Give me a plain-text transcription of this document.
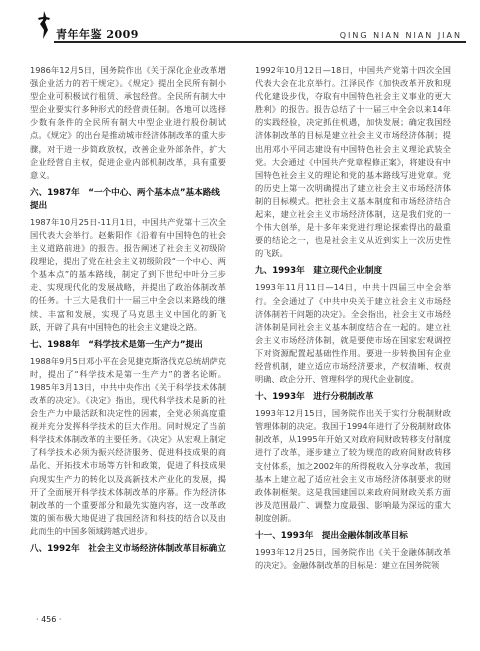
青年年鉴 2009	QING NIAN NIAN JIAN

1986年12月5日，国务院作出《关于深化企业改革增强企业活力的若干规定》。《规定》提出全民所有制小型企业可积极试行租赁、承包经营。全民所有制大中型企业要实行多种形式的经营责任制。各地可以选择少数有条件的全民所有制大中型企业进行股份制试点。《规定》的出台是推动城市经济体制改革的重大步骤，对于进一步简政放权，改善企业外部条件，扩大企业经营自主权，促进企业内部机制改革，具有重要意义。

六、1987年　“一个中心、两个基本点”基本路线提出

1987年10月25日-11月1日，中国共产党第十三次全国代表大会举行。赵紫阳作《沿着有中国特色的社会主义道路前进》的报告。报告阐述了社会主义初级阶段理论，提出了党在社会主义初级阶段“一个中心、两个基本点”的基本路线，制定了到下世纪中叶分三步走、实现现代化的发展战略，并提出了政治体制改革的任务。十三大是我们十一届三中全会以来路线的继续、丰富和发展，实现了马克思主义中国化的新飞跃，开辟了具有中国特色的社会主义建设之路。

七、1988年　“科学技术是第一生产力”提出

1988年9月5日邓小平在会见捷克斯洛伐克总统胡萨克时，提出了“科学技术是第一生产力”的著名论断。1985年3月13日，中共中央作出《关于科学技术体制改革的决定》。《决定》指出，现代科学技术是新的社会生产力中最活跃和决定性的因素，全党必须高度重视并充分发挥科学技术的巨大作用。同时规定了当前科学技术体制改革的主要任务。《决定》从宏观上制定了科学技术必须为振兴经济服务、促进科技成果的商品化、开拓技术市场等方针和政策，促进了科技成果向现实生产力的转化以及高新技术产业化的发展，揭开了全面展开科学技术体制改革的序幕。作为经济体制改革的一个重要部分和最先实施内容，这一改革政策的颁布极大地促进了我国经济和科技的结合以及由此而生的中国多领域跨越式进步。

八、1992年　社会主义市场经济体制改革目标确立

1992年10月12日—18日，中国共产党第十四次全国代表大会在北京举行。江泽民作《加快改革开放和现代化建设步伐，夺取有中国特色社会主义事业的更大胜利》的报告。报告总结了十一届三中全会以来14年的实践经验，决定抓住机遇，加快发展；确定我国经济体制改革的目标是建立社会主义市场经济体制；提出用邓小平同志建设有中国特色社会主义理论武装全党。大会通过《中国共产党章程修正案》，将建设有中国特色社会主义的理论和党的基本路线写进党章。党的历史上第一次明确提出了建立社会主义市场经济体制的目标模式。把社会主义基本制度和市场经济结合起来，建立社会主义市场经济体制，这是我们党的一个伟大创举，是十多年来党进行理论探索得出的最重要的结论之一，也是社会主义从近到实上一次历史性的飞跃。

九、1993年　建立现代企业制度

1993年11月11日—14日，中共十四届三中全会举行。全会通过了《中共中央关于建立社会主义市场经济体制若干问题的决定》。全会指出，社会主义市场经济体制是同社会主义基本制度结合在一起的。建立社会主义市场经济体制，就是要使市场在国家宏观调控下对资源配置起基础性作用。要进一步转换国有企业经营机制，建立适应市场经济要求，产权清晰、权责明确、政企分开、管理科学的现代企业制度。

十、1993年　进行分税制改革

1993年12月15日，国务院作出关于实行分税制财政管理体制的决定。我国于1994年进行了分税制财政体制改革，从1995年开始又对政府间财政转移支付制度进行了改革，逐步建立了较为规范的政府间财政转移支付体系，加之2002年的所得税收入分享改革，我国基本上建立起了适应社会主义市场经济体制要求的财政体制框架。这是我国建国以来政府间财政关系方面涉及范围最广、调整力度最强、影响最为深远的重大制度创新。

十一、1993年　提出金融体制改革目标

1993年12月25日，国务院作出《关于金融体制改革的决定》。金融体制改革的目标是：建立在国务院领

· 456 ·
